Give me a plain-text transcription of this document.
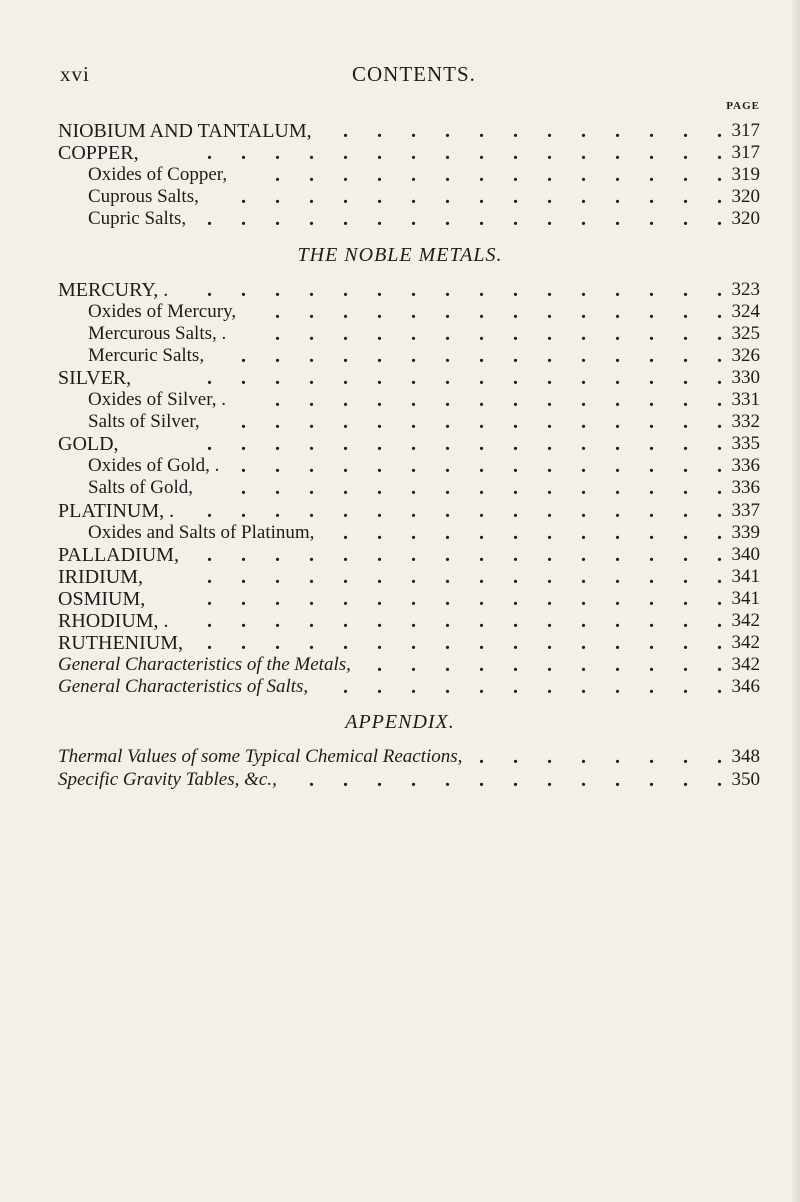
xvi	CONTENTS.
PAGE
NIOBIUM AND TANTALUM,	317
. . . . . . . . . . . .
COPPER,	317
. . . . . . . . . . . . . . . .
Oxides of Copper,	319
. . . . . . . . . . . . . .
Cuprous Salts,	320
. . . . . . . . . . . . . . .
Cupric Salts,	320
. . . . . . . . . . . . . . . .
THE NOBLE METALS.
MERCURY, .	323
. . . . . . . . . . . . . . . .
Oxides of Mercury,	324
. . . . . . . . . . . . . .
Mercurous Salts, .	325
. . . . . . . . . . . . . .
Mercuric Salts,	326
. . . . . . . . . . . . . . .
SILVER,	330
. . . . . . . . . . . . . . . .
Oxides of Silver, .	331
. . . . . . . . . . . . . .
Salts of Silver,	332
. . . . . . . . . . . . . . .
GOLD,	335
. . . . . . . . . . . . . . . .
Oxides of Gold, .	336
. . . . . . . . . . . . . . .
Salts of Gold,	336
. . . . . . . . . . . . . . .
PLATINUM, .	337
. . . . . . . . . . . . . . . .
Oxides and Salts of Platinum,	339
. . . . . . . . . . . .
PALLADIUM,	340
. . . . . . . . . . . . . . . .
IRIDIUM,	341
. . . . . . . . . . . . . . . .
OSMIUM,	341
. . . . . . . . . . . . . . . .
RHODIUM, .	342
. . . . . . . . . . . . . . . .
RUTHENIUM,	342
. . . . . . . . . . . . . . . .
General Characteristics of the Metals,	342
. . . . . . . . . . .
General Characteristics of Salts,	346
. . . . . . . . . . . .
APPENDIX.
Thermal Values of some Typical Chemical Reactions,	348
. . . . . . . .
Specific Gravity Tables, &c.,	350
. . . . . . . . . . . . .
